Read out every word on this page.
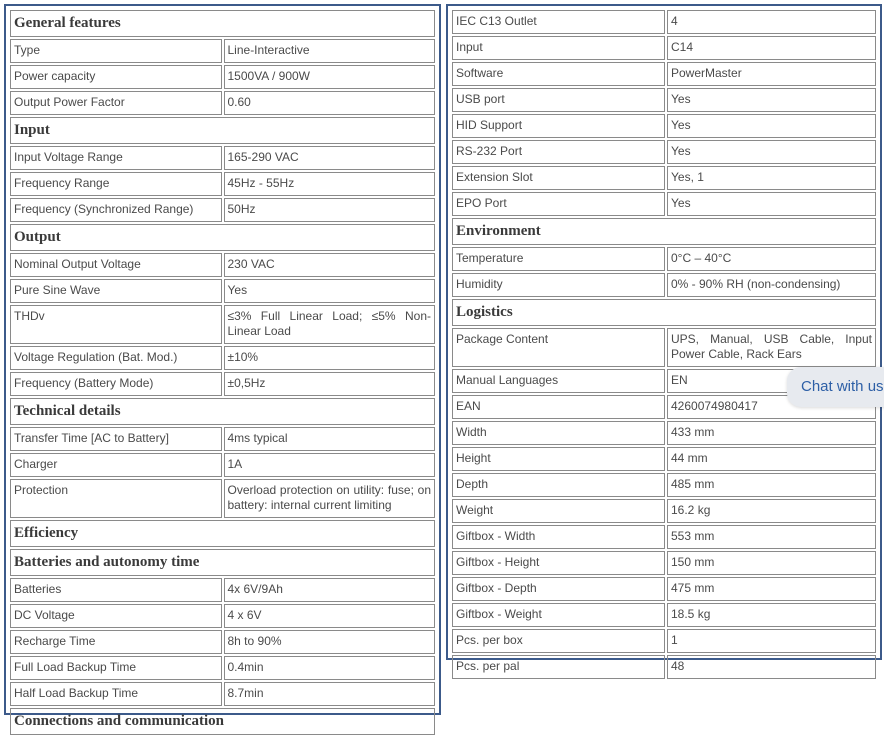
General features	
Type	Line-Interactive
Power capacity	1500VA / 900W
Output Power Factor	0.60
Input	
Input Voltage Range	165-290 VAC
Frequency Range	45Hz - 55Hz
Frequency (Synchronized Range)	50Hz
Output	
Nominal Output Voltage	230 VAC
Pure Sine Wave	Yes
THDv	≤3% Full Linear Load; ≤5% Non-Linear Load
Voltage Regulation (Bat. Mod.)	±10%
Frequency (Battery Mode)	±0,5Hz
Technical details	
Transfer Time [AC to Battery]	4ms typical
Charger	1A
Protection	Overload protection on utility: fuse; on battery: internal current limiting
Efficiency	
Batteries and autonomy time	
Batteries	4x 6V/9Ah
DC Voltage	4 x 6V
Recharge Time	8h to 90%
Full Load Backup Time	0.4min
Half Load Backup Time	8.7min
Connections and communication	
IEC C13 Outlet	4
Input	C14
Software	PowerMaster
USB port	Yes
HID Support	Yes
RS-232 Port	Yes
Extension Slot	Yes, 1
EPO Port	Yes
Environment	
Temperature	0°C – 40°C
Humidity	0% - 90% RH (non-condensing)
Logistics	
Package Content	UPS, Manual, USB Cable, Input Power Cable, Rack Ears
Manual Languages	EN
EAN	4260074980417
Width	433 mm
Height	44 mm
Depth	485 mm
Weight	16.2 kg
Giftbox - Width	553 mm
Giftbox - Height	150 mm
Giftbox - Depth	475 mm
Giftbox - Weight	18.5 kg
Pcs. per box	1
Pcs. per pal	48
Chat with us
